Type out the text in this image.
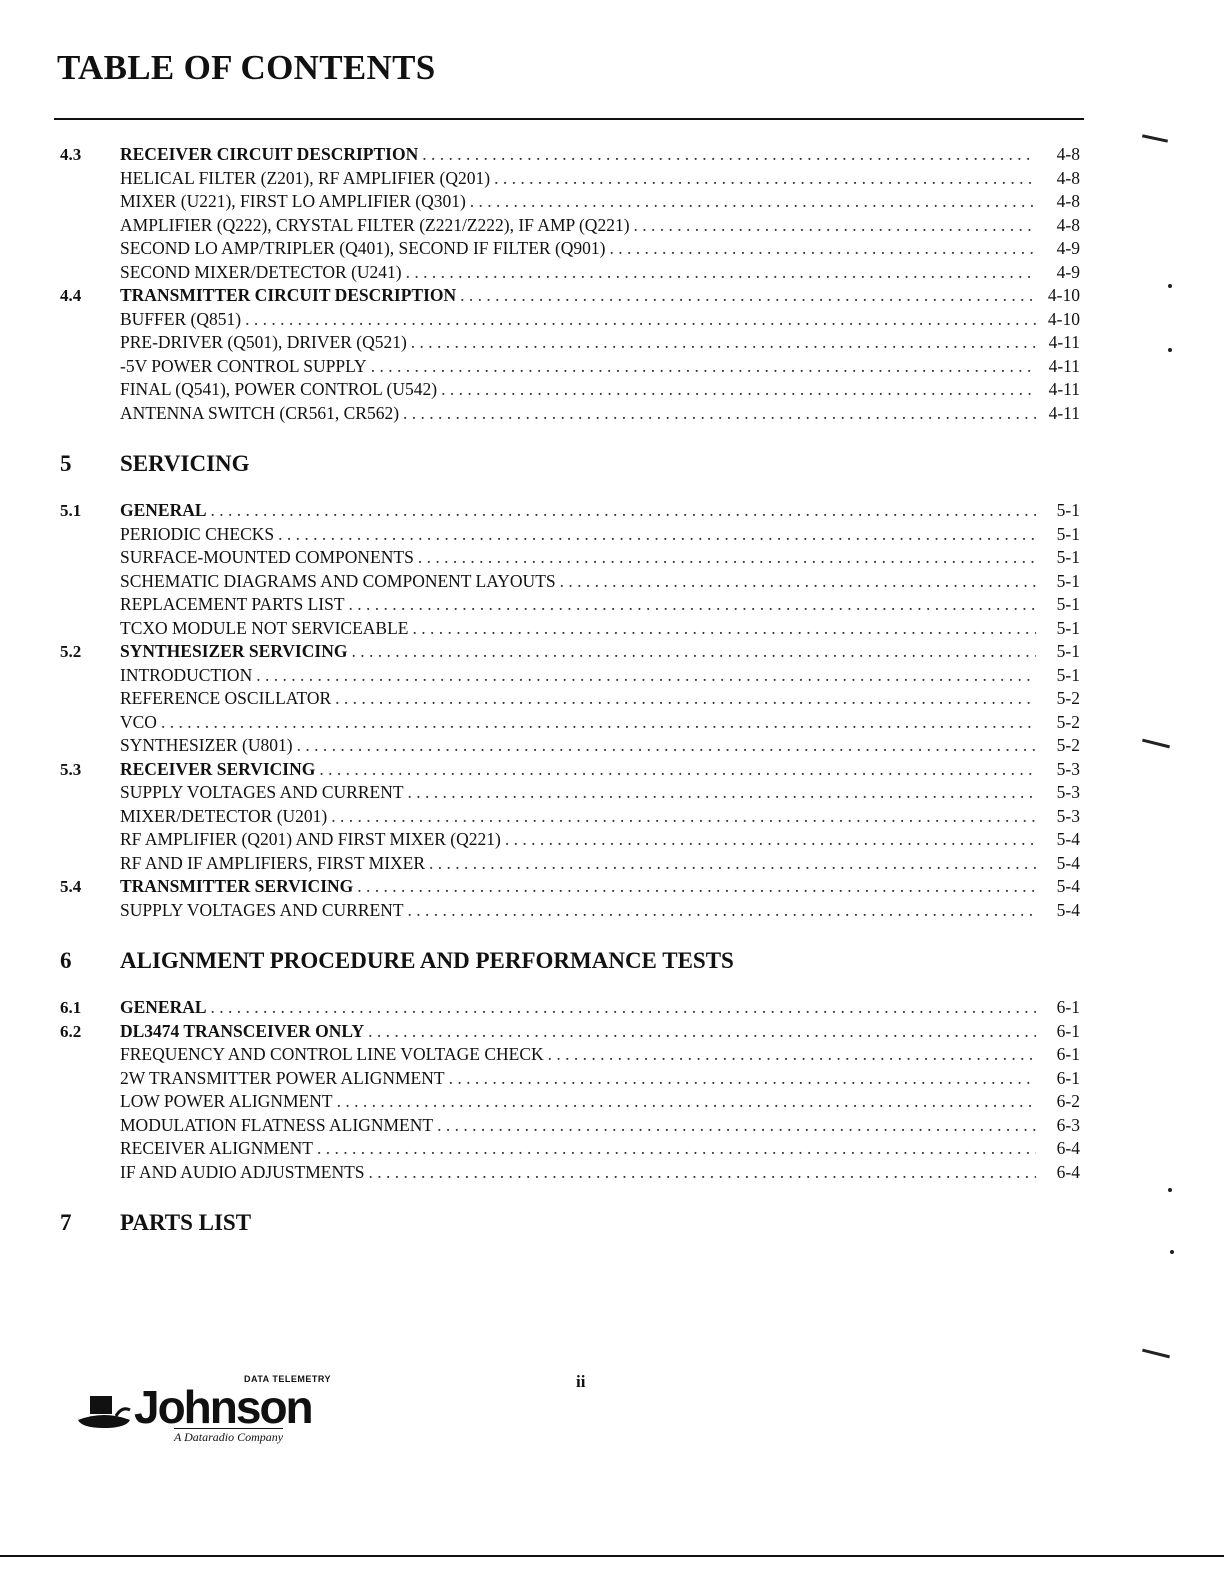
TABLE OF CONTENTS
4.3	RECEIVER CIRCUIT DESCRIPTION . . .	4-8
HELICAL FILTER (Z201), RF AMPLIFIER (Q201) . . .	4-8
MIXER (U221), FIRST LO AMPLIFIER (Q301) . . .	4-8
AMPLIFIER (Q222), CRYSTAL FILTER (Z221/Z222), IF AMP (Q221) . . .	4-8
SECOND LO AMP/TRIPLER (Q401), SECOND IF FILTER (Q901) . . .	4-9
SECOND MIXER/DETECTOR (U241) . . .	4-9
4.4	TRANSMITTER CIRCUIT DESCRIPTION . . .	4-10
BUFFER (Q851) . . .	4-10
PRE-DRIVER (Q501), DRIVER (Q521) . . .	4-11
-5V POWER CONTROL SUPPLY . . .	4-11
FINAL (Q541), POWER CONTROL (U542) . . .	4-11
ANTENNA SWITCH (CR561, CR562) . . .	4-11
5	SERVICING
5.1	GENERAL . . .	5-1
PERIODIC CHECKS . . .	5-1
SURFACE-MOUNTED COMPONENTS . . .	5-1
SCHEMATIC DIAGRAMS AND COMPONENT LAYOUTS . . .	5-1
REPLACEMENT PARTS LIST . . .	5-1
TCXO MODULE NOT SERVICEABLE . . .	5-1
5.2	SYNTHESIZER SERVICING . . .	5-1
INTRODUCTION . . .	5-1
REFERENCE OSCILLATOR . . .	5-2
VCO . . .	5-2
SYNTHESIZER (U801) . . .	5-2
5.3	RECEIVER SERVICING . . .	5-3
SUPPLY VOLTAGES AND CURRENT . . .	5-3
MIXER/DETECTOR (U201) . . .	5-3
RF AMPLIFIER (Q201) AND FIRST MIXER (Q221) . . .	5-4
RF AND IF AMPLIFIERS, FIRST MIXER . . .	5-4
5.4	TRANSMITTER SERVICING . . .	5-4
SUPPLY VOLTAGES AND CURRENT . . .	5-4
6	ALIGNMENT PROCEDURE AND PERFORMANCE TESTS
6.1	GENERAL . . .	6-1
6.2	DL3474 TRANSCEIVER ONLY . . .	6-1
FREQUENCY AND CONTROL LINE VOLTAGE CHECK . . .	6-1
2W TRANSMITTER POWER ALIGNMENT . . .	6-1
LOW POWER ALIGNMENT . . .	6-2
MODULATION FLATNESS ALIGNMENT . . .	6-3
RECEIVER ALIGNMENT . . .	6-4
IF AND AUDIO ADJUSTMENTS . . .	6-4
7	PARTS LIST
DATA TELEMETRY
Johnson
A Dataradio Company
ii
